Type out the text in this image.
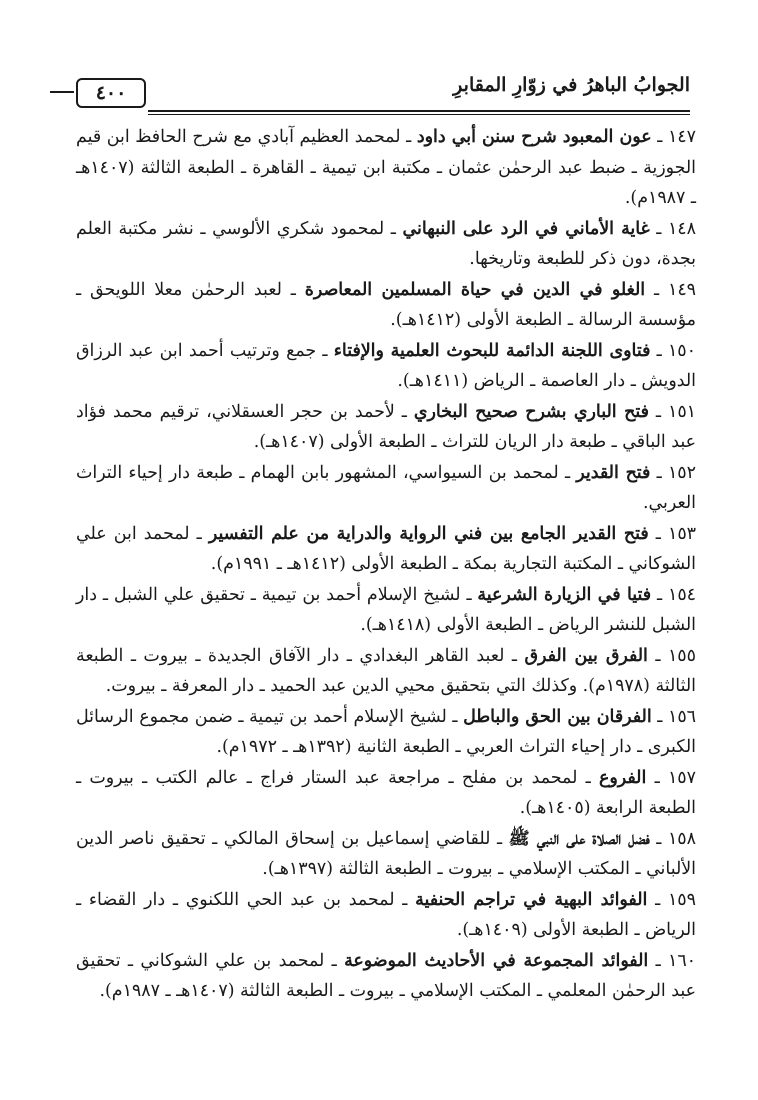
الجوابُ الباهرُ في زوّارِ المقابرِ
٤٠٠

١٤٧ ـ عون المعبود شرح سنن أبي داود ـ لمحمد العظيم آبادي مع شرح الحافظ ابن قيم الجوزية ـ ضبط عبد الرحمٰن عثمان ـ مكتبة ابن تيمية ـ القاهرة ـ الطبعة الثالثة (١٤٠٧هـ ـ ١٩٨٧م).

١٤٨ ـ غاية الأماني في الرد على النبهاني ـ لمحمود شكري الألوسي ـ نشر مكتبة العلم بجدة، دون ذكر للطبعة وتاريخها.

١٤٩ ـ الغلو في الدين في حياة المسلمين المعاصرة ـ لعبد الرحمٰن معلا اللويحق ـ مؤسسة الرسالة ـ الطبعة الأولى (١٤١٢هـ).

١٥٠ ـ فتاوى اللجنة الدائمة للبحوث العلمية والإفتاء ـ جمع وترتيب أحمد ابن عبد الرزاق الدويش ـ دار العاصمة ـ الرياض (١٤١١هـ).

١٥١ ـ فتح الباري بشرح صحيح البخاري ـ لأحمد بن حجر العسقلاني، ترقيم محمد فؤاد عبد الباقي ـ طبعة دار الريان للتراث ـ الطبعة الأولى (١٤٠٧هـ).

١٥٢ ـ فتح القدير ـ لمحمد بن السيواسي، المشهور بابن الهمام ـ طبعة دار إحياء التراث العربي.

١٥٣ ـ فتح القدير الجامع بين فني الرواية والدراية من علم التفسير ـ لمحمد ابن علي الشوكاني ـ المكتبة التجارية بمكة ـ الطبعة الأولى (١٤١٢هـ ـ ١٩٩١م).

١٥٤ ـ فتيا في الزيارة الشرعية ـ لشيخ الإسلام أحمد بن تيمية ـ تحقيق علي الشبل ـ دار الشبل للنشر الرياض ـ الطبعة الأولى (١٤١٨هـ).

١٥٥ ـ الفرق بين الفرق ـ لعبد القاهر البغدادي ـ دار الآفاق الجديدة ـ بيروت ـ الطبعة الثالثة (١٩٧٨م). وكذلك التي بتحقيق محيي الدين عبد الحميد ـ دار المعرفة ـ بيروت.

١٥٦ ـ الفرقان بين الحق والباطل ـ لشيخ الإسلام أحمد بن تيمية ـ ضمن مجموع الرسائل الكبرى ـ دار إحياء التراث العربي ـ الطبعة الثانية (١٣٩٢هـ ـ ١٩٧٢م).

١٥٧ ـ الفروع ـ لمحمد بن مفلح ـ مراجعة عبد الستار فراج ـ عالم الكتب ـ بيروت ـ الطبعة الرابعة (١٤٠٥هـ).

١٥٨ ـ فضل الصلاة على النبي ﷺ ـ للقاضي إسماعيل بن إسحاق المالكي ـ تحقيق ناصر الدين الألباني ـ المكتب الإسلامي ـ بيروت ـ الطبعة الثالثة (١٣٩٧هـ).

١٥٩ ـ الفوائد البهية في تراجم الحنفية ـ لمحمد بن عبد الحي اللكنوي ـ دار القضاء ـ الرياض ـ الطبعة الأولى (١٤٠٩هـ).

١٦٠ ـ الفوائد المجموعة في الأحاديث الموضوعة ـ لمحمد بن علي الشوكاني ـ تحقيق عبد الرحمٰن المعلمي ـ المكتب الإسلامي ـ بيروت ـ الطبعة الثالثة (١٤٠٧هـ ـ ١٩٨٧م).
